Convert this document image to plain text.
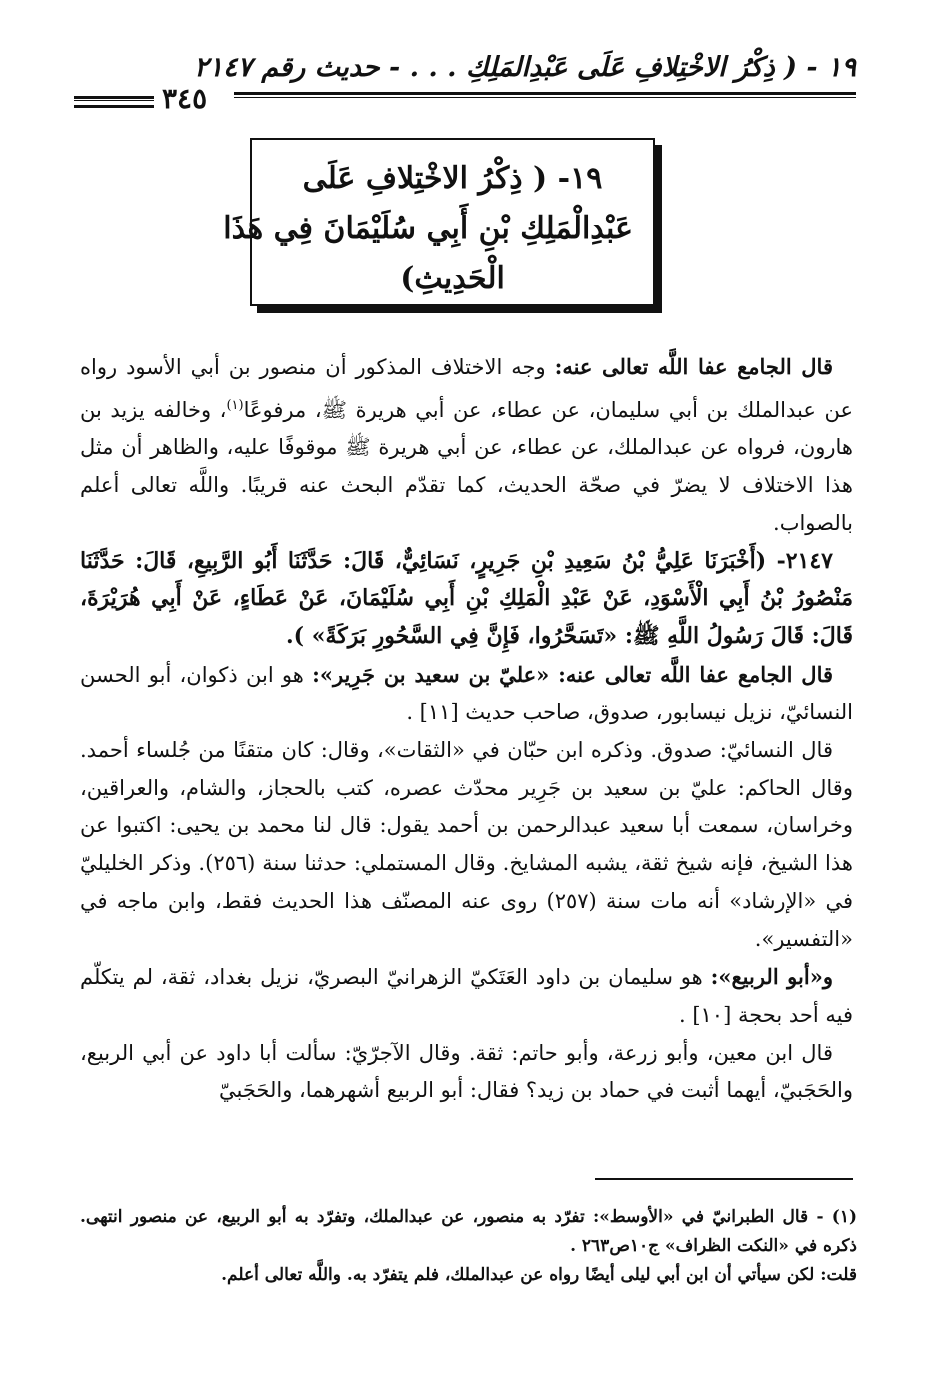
١٩ - ( ذِكْرُ الاخْتِلافِ عَلَى عَبْدِالمَلِكِ . . . - حديث رقم ٢١٤٧
٣٤٥
١٩- ( ذِكْرُ الاخْتِلافِ عَلَى
عَبْدِالْمَلِكِ بْنِ أَبِي سُلَيْمَانَ فِي هَذَا
الْحَدِيثِ)

قال الجامع عفا اللَّه تعالى عنه: وجه الاختلاف المذكور أن منصور بن أبي الأسود رواه عن عبدالملك بن أبي سليمان، عن عطاء، عن أبي هريرة ﷺ، مرفوعًا$^{(١)}$، وخالفه يزيد بن هارون، فرواه عن عبدالملك، عن عطاء، عن أبي هريرة ﷺ موقوفًا عليه، والظاهر أن مثل هذا الاختلاف لا يضرّ في صحّة الحديث، كما تقدّم البحث عنه قريبًا. واللَّه تعالى أعلم بالصواب.

٢١٤٧- (أَخْبَرَنَا عَلِيُّ بْنُ سَعِيدِ بْنِ جَرِيرٍ، نَسَائِيٌّ، قَالَ: حَدَّثَنَا أَبُو الرَّبِيعِ، قَالَ: حَدَّثَنَا مَنْصُورُ بْنُ أَبِي الْأَسْوَدِ، عَنْ عَبْدِ الْمَلِكِ بْنِ أَبِي سُلَيْمَانَ، عَنْ عَطَاءٍ، عَنْ أَبِي هُرَيْرَةَ، قَالَ: قَالَ رَسُولُ اللَّهِ ﷺ: «تَسَحَّرُوا، فَإِنَّ فِي السَّحُورِ بَرَكَةً» ).

قال الجامع عفا اللَّه تعالى عنه: «عليّ بن سعيد بن جَرِير»: هو ابن ذكوان، أبو الحسن النسائيّ، نزيل نيسابور، صدوق، صاحب حديث [١١] .

قال النسائيّ: صدوق. وذكره ابن حبّان في «الثقات»، وقال: كان متقنًا من جُلساء أحمد. وقال الحاكم: عليّ بن سعيد بن جَرِير محدّث عصره، كتب بالحجاز، والشام، والعراقين، وخراسان، سمعت أبا سعيد عبدالرحمن بن أحمد يقول: قال لنا محمد بن يحيى: اكتبوا عن هذا الشيخ، فإنه شيخ ثقة، يشبه المشايخ. وقال المستملي: حدثنا سنة (٢٥٦). وذكر الخليليّ في «الإرشاد» أنه مات سنة (٢٥٧) روى عنه المصنّف هذا الحديث فقط، وابن ماجه في «التفسير».

و«أبو الربيع»: هو سليمان بن داود العَتَكيّ الزهرانيّ البصريّ، نزيل بغداد، ثقة، لم يتكلّم فيه أحد بحجة [١٠] .

قال ابن معين، وأبو زرعة، وأبو حاتم: ثقة. وقال الآجرّيّ: سألت أبا داود عن أبي الربيع، والحَجَبيّ، أيهما أثبت في حماد بن زيد؟ فقال: أبو الربيع أشهرهما، والحَجَبيّ

(١) - قال الطبرانيّ في «الأوسط»: تفرّد به منصور، عن عبدالملك، وتفرّد به أبو الربيع، عن منصور انتهى. ذكره في «النكت الظراف» ج١٠ص٢٦٣ .

قلت: لكن سيأتي أن ابن أبي ليلى أيضًا رواه عن عبدالملك، فلم يتفرّد به. واللَّه تعالى أعلم.
